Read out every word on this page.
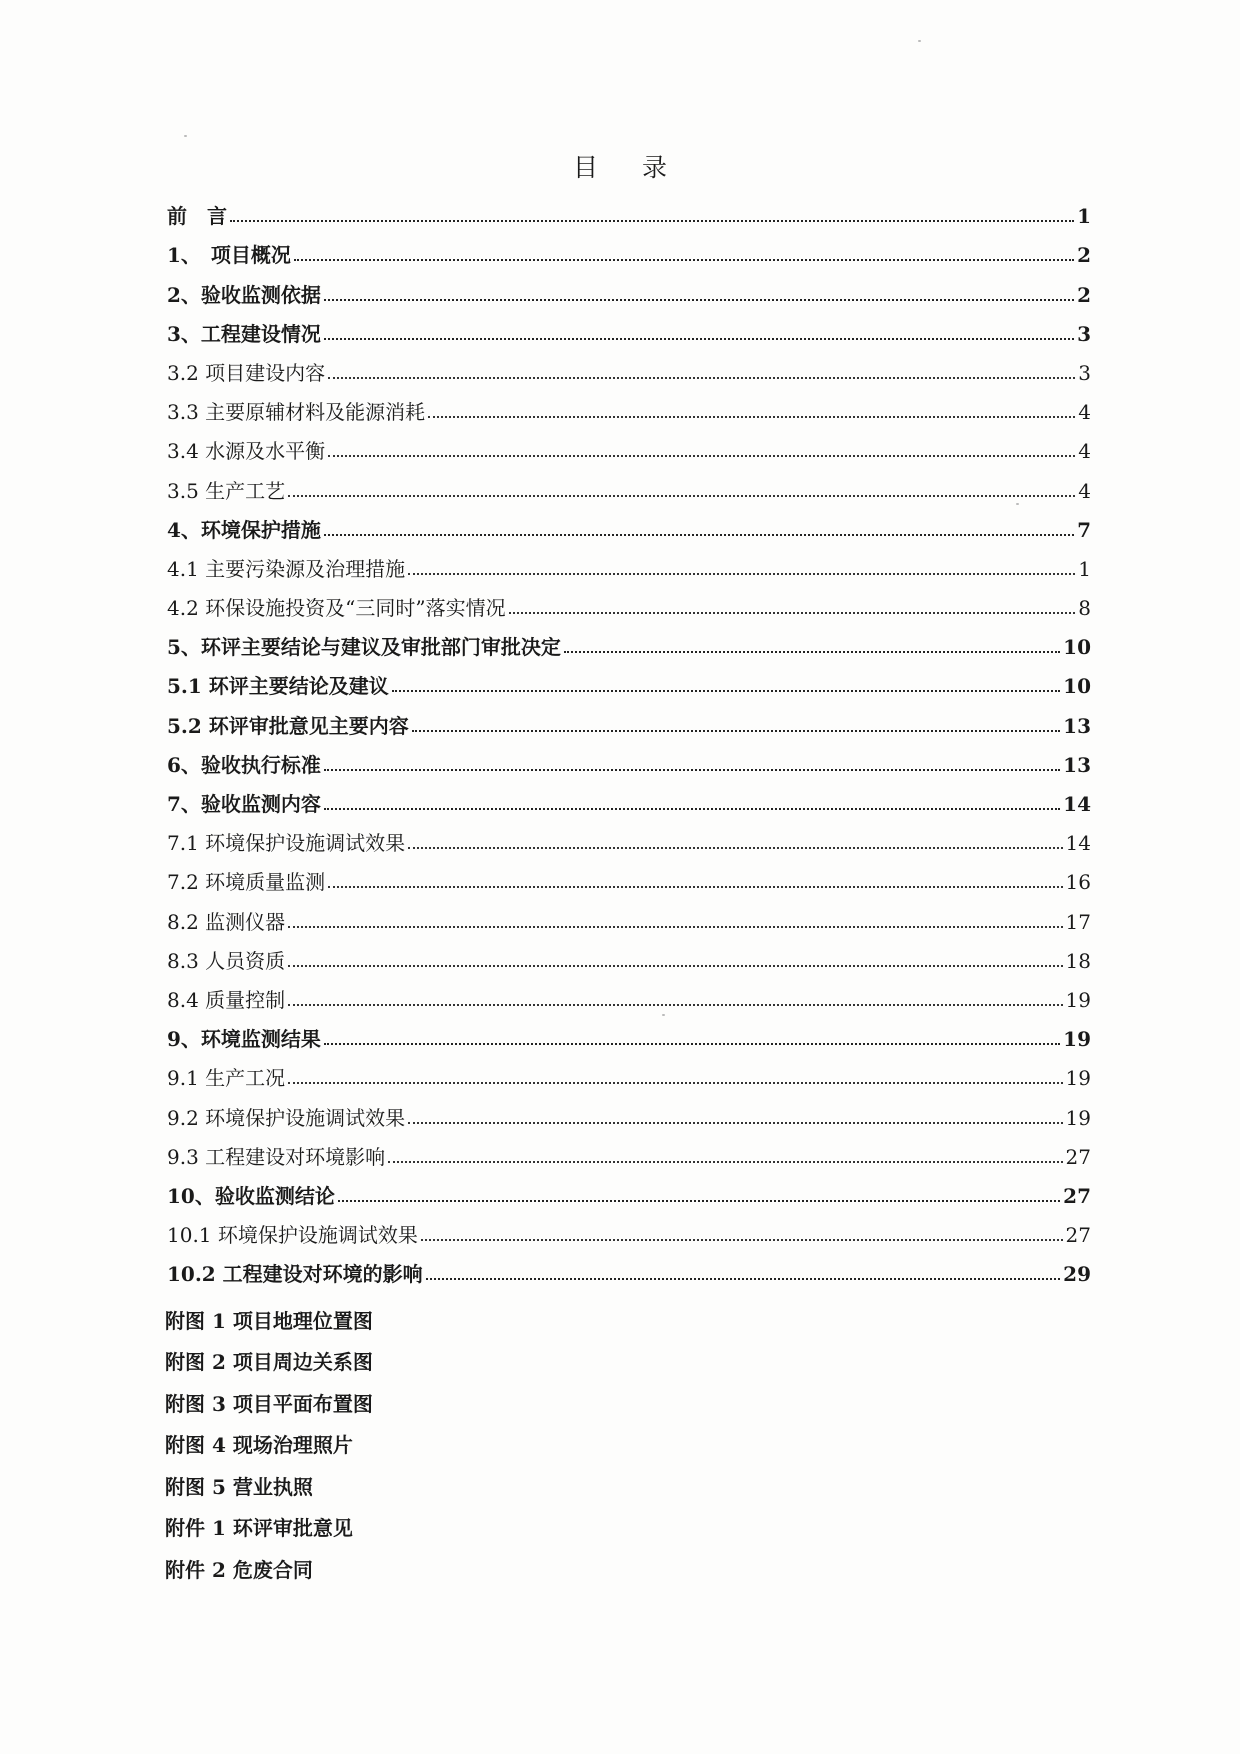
目 录
前　言	1
1、　项目概况	2
2、验收监测依据	2
3、工程建设情况	3
3.2 项目建设内容	3
3.3 主要原辅材料及能源消耗	4
3.4 水源及水平衡	4
3.5 生产工艺	4
4、环境保护措施	7
4.1 主要污染源及治理措施	1
4.2 环保设施投资及“三同时”落实情况	8
5、环评主要结论与建议及审批部门审批决定	10
5.1 环评主要结论及建议	10
5.2 环评审批意见主要内容	13
6、验收执行标准	13
7、验收监测内容	14
7.1 环境保护设施调试效果	14
7.2 环境质量监测	16
8.2 监测仪器	17
8.3 人员资质	18
8.4 质量控制	19
9、环境监测结果	19
9.1 生产工况	19
9.2 环境保护设施调试效果	19
9.3 工程建设对环境影响	27
10、验收监测结论	27
10.1 环境保护设施调试效果	27
10.2 工程建设对环境的影响	29
附图 1 项目地理位置图
附图 2 项目周边关系图
附图 3 项目平面布置图
附图 4 现场治理照片
附图 5 营业执照
附件 1 环评审批意见
附件 2 危废合同
